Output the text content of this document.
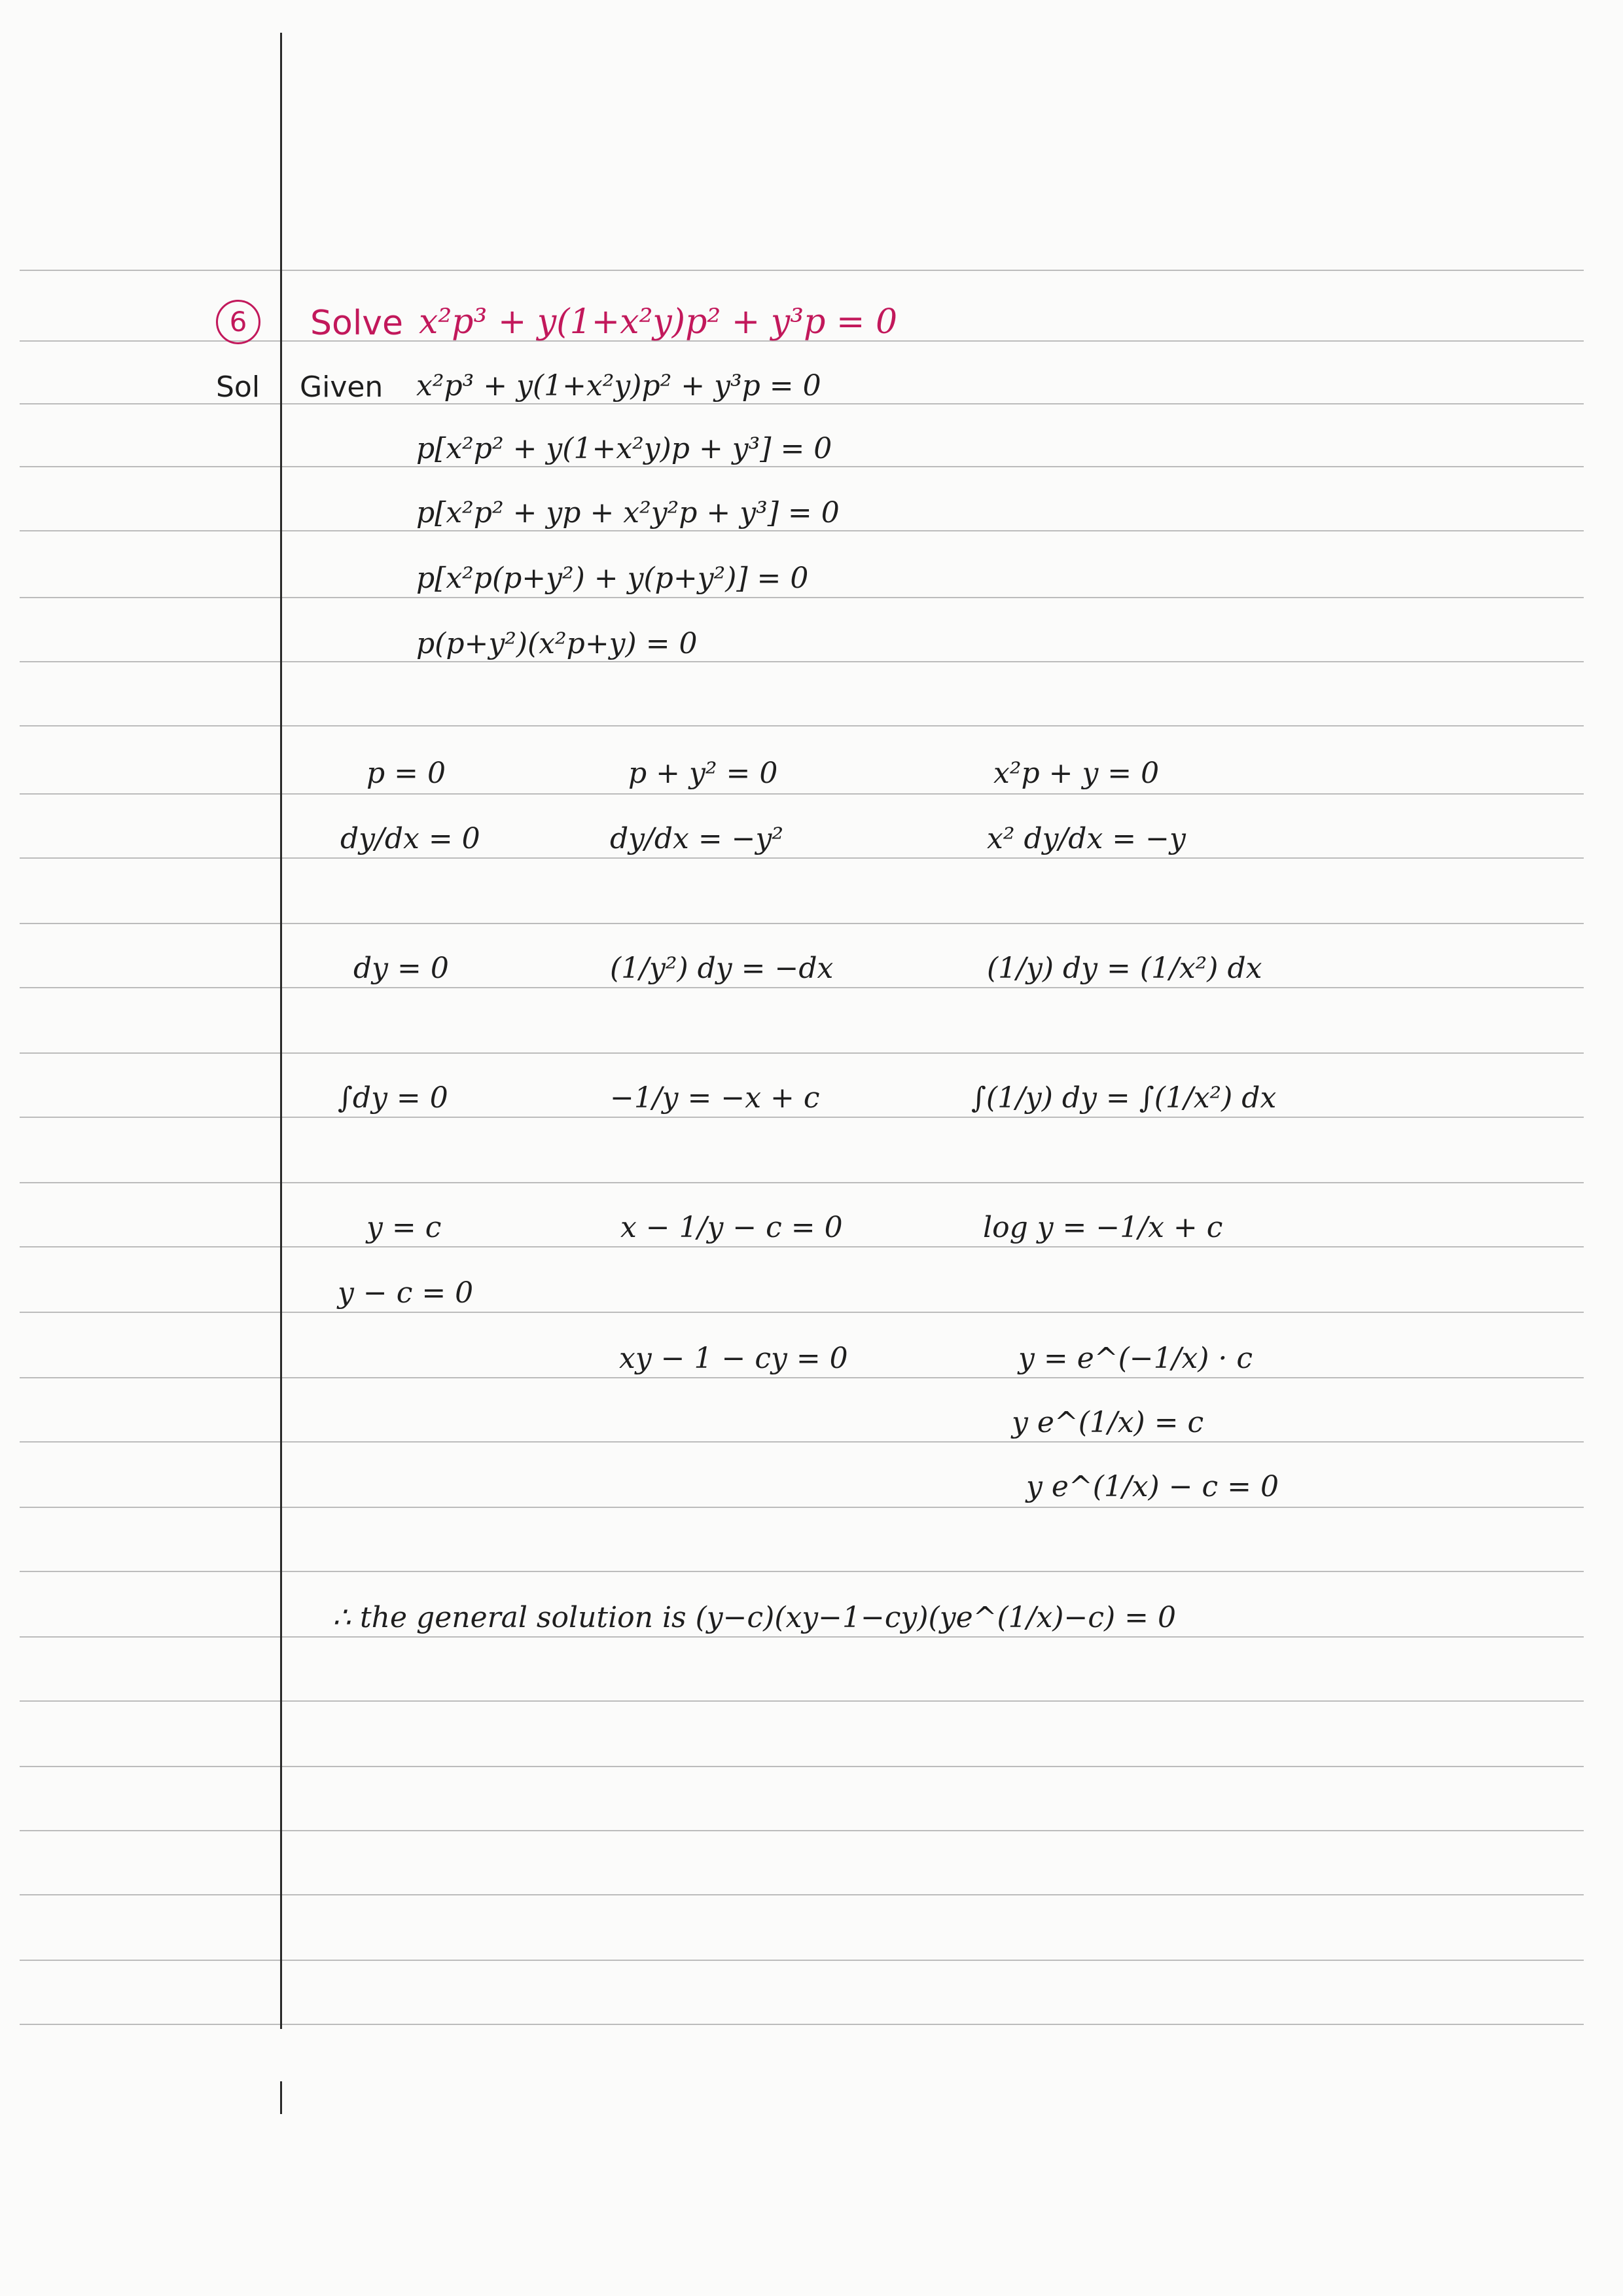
6	Solve x²p³ + y(1+x²y)p² + y³p = 0
Sol Given x²p³ + y(1+x²y)p² + y³p = 0
p[x²p² + y(1+x²y)p + y³] = 0
p[x²p² + yp + x²y²p + y³] = 0
p[x²p(p+y²) + y(p+y²)] = 0
p(p+y²)(x²p+y) = 0
p = 0
dy/dx = 0
dy = 0
∫dy = 0
y = c
y − c = 0
p + y² = 0
dy/dx = −y²
(1/y²) dy = −dx
−1/y = −x + c
x − 1/y − c = 0
xy − 1 − cy = 0
x²p + y = 0
x² dy/dx = −y
(1/y) dy = (1/x²) dx
∫(1/y) dy = ∫(1/x²) dx
log y = −1/x + c
y = e^(−1/x) · c
y e^(1/x) = c
y e^(1/x) − c = 0
∴ the general solution is (y−c)(xy−1−cy)(ye^(1/x)−c) = 0
